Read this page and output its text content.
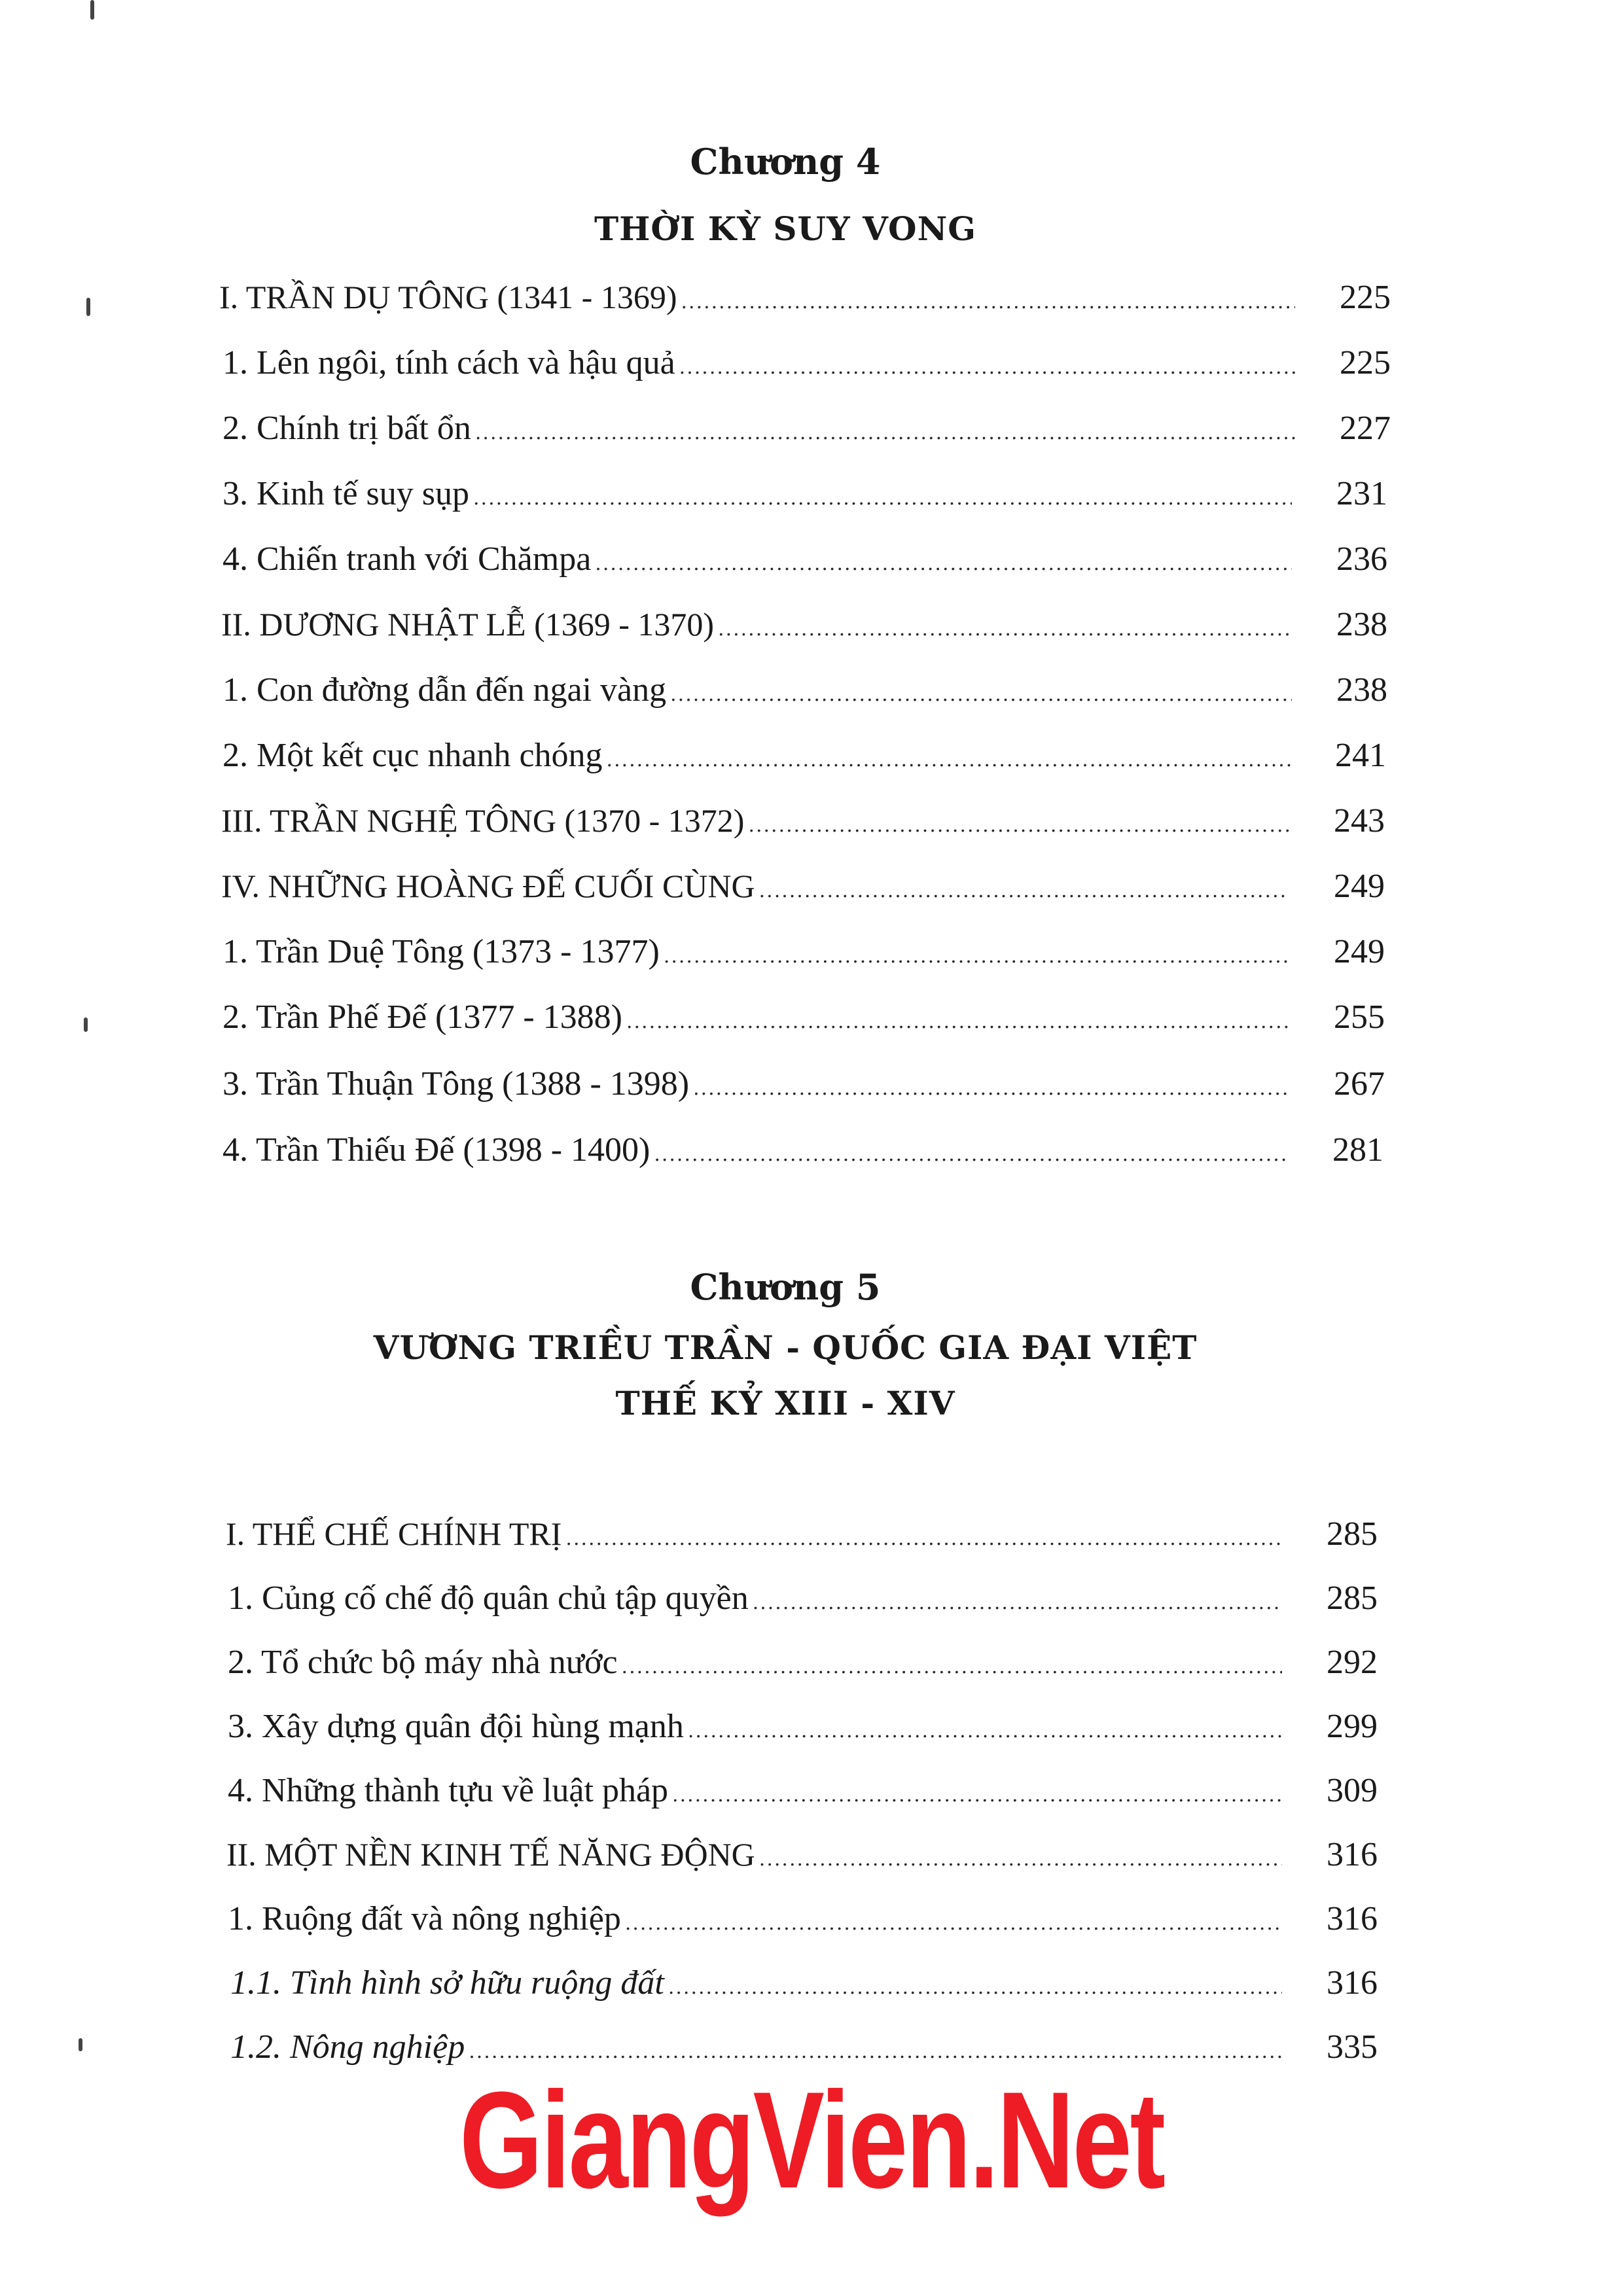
Chương 4
THỜI KỲ SUY VONG
I. TRẦN DỤ TÔNG (1341 - 1369) .....	225
1. Lên ngôi, tính cách và hậu quả .....	225
2. Chính trị bất ổn .....	227
3. Kinh tế suy sụp .....	231
4. Chiến tranh với Chămpa .....	236
II. DƯƠNG NHẬT LỄ (1369 - 1370) .....	238
1. Con đường dẫn đến ngai vàng .....	238
2. Một kết cục nhanh chóng .....	241
III. TRẦN NGHỆ TÔNG (1370 - 1372) .....	243
IV. NHỮNG HOÀNG ĐẾ CUỐI CÙNG .....	249
1. Trần Duệ Tông (1373 - 1377) .....	249
2. Trần Phế Đế (1377 - 1388) .....	255
3. Trần Thuận Tông (1388 - 1398) .....	267
4. Trần Thiếu Đế (1398 - 1400) .....	281
Chương 5
VƯƠNG TRIỀU TRẦN - QUỐC GIA ĐẠI VIỆT
THẾ KỶ XIII - XIV
I. THỂ CHẾ CHÍNH TRỊ .....	285
1. Củng cố chế độ quân chủ tập quyền .....	285
2. Tổ chức bộ máy nhà nước .....	292
3. Xây dựng quân đội hùng mạnh .....	299
4. Những thành tựu về luật pháp .....	309
II. MỘT NỀN KINH TẾ NĂNG ĐỘNG .....	316
1. Ruộng đất và nông nghiệp .....	316
1.1. Tình hình sở hữu ruộng đất .....	316
1.2. Nông nghiệp .....	335
GiangVien.Net
